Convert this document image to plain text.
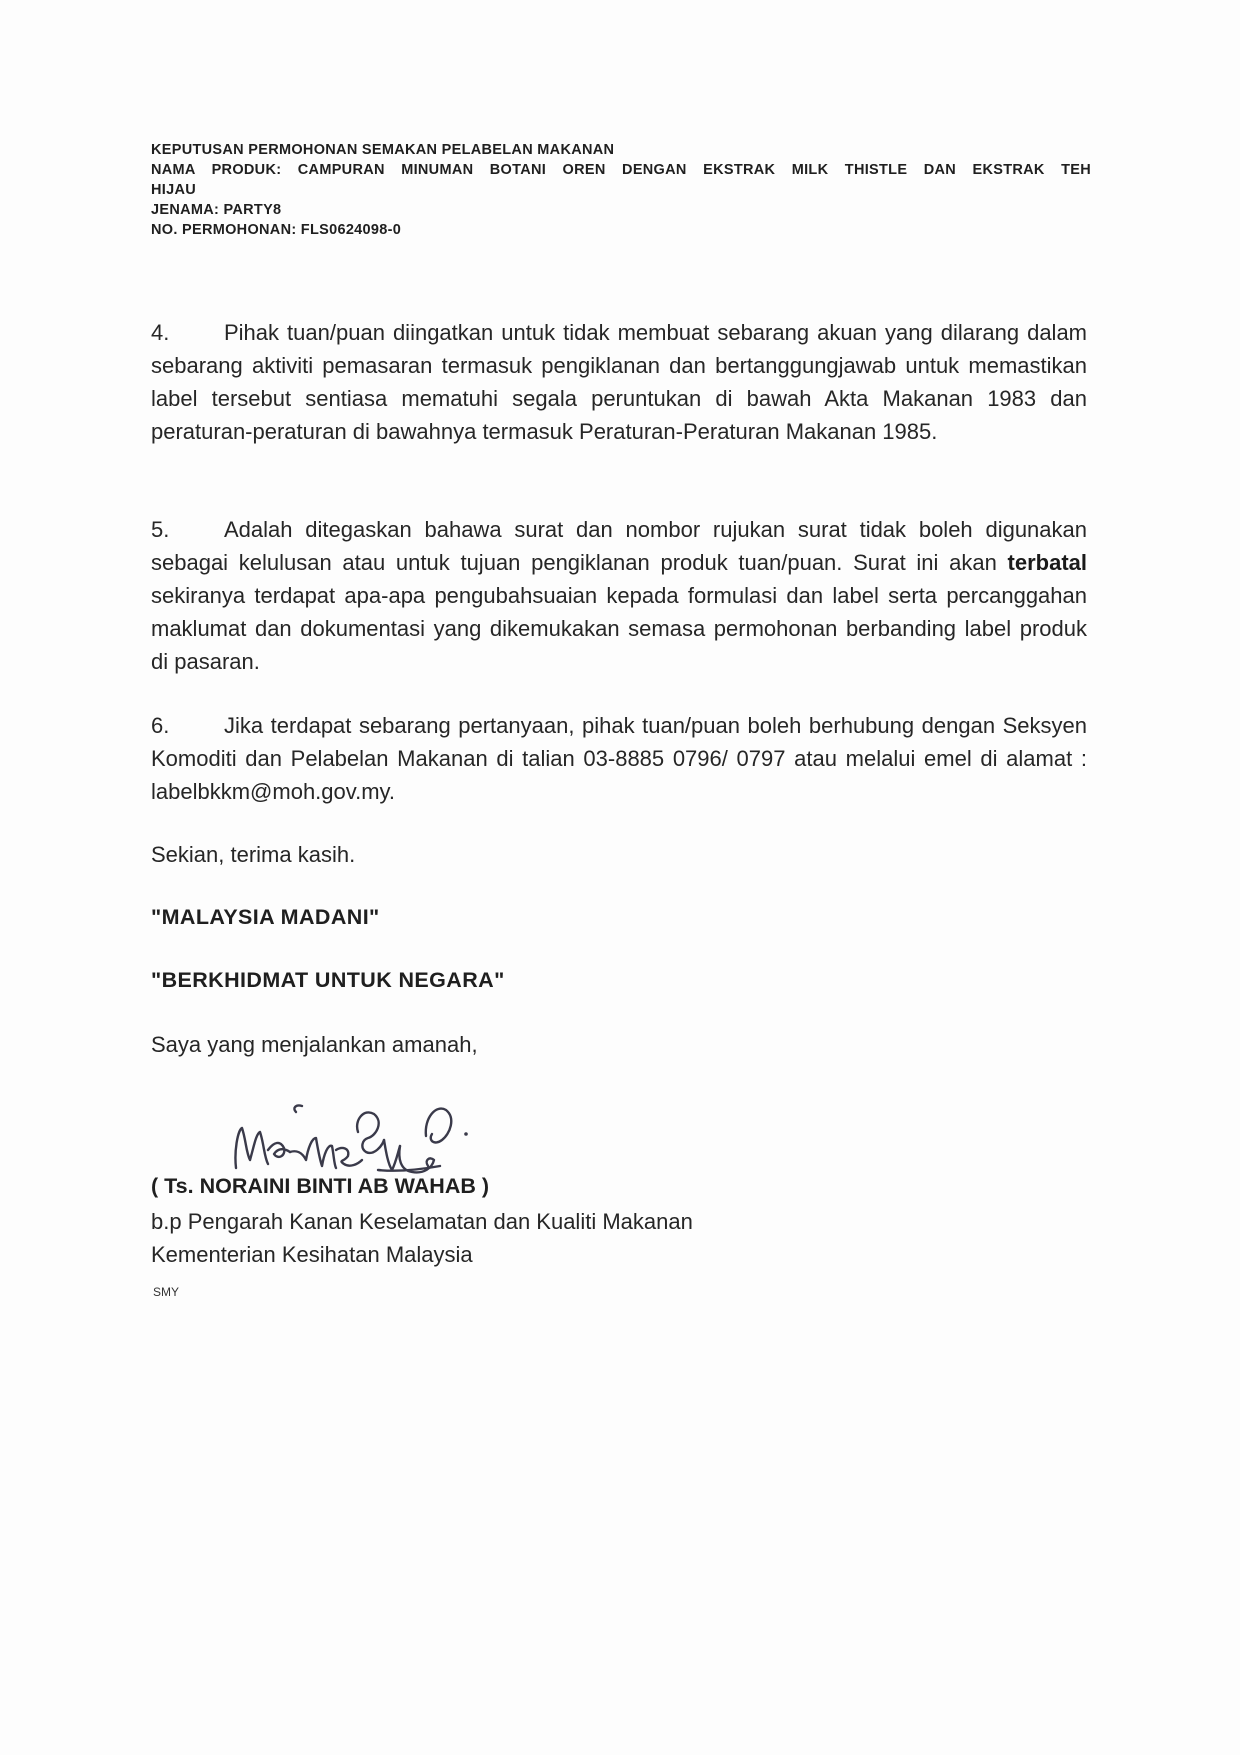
KEPUTUSAN PERMOHONAN SEMAKAN PELABELAN MAKANAN
NAMA PRODUK: CAMPURAN MINUMAN BOTANI OREN DENGAN EKSTRAK MILK THISTLE DAN EKSTRAK TEH
HIJAU
JENAMA: PARTY8
NO. PERMOHONAN: FLS0624098-0
4. Pihak tuan/puan diingatkan untuk tidak membuat sebarang akuan yang dilarang dalam sebarang aktiviti pemasaran termasuk pengiklanan dan bertanggungjawab untuk memastikan label tersebut sentiasa mematuhi segala peruntukan di bawah Akta Makanan 1983 dan peraturan-peraturan di bawahnya termasuk Peraturan-Peraturan Makanan 1985.
5. Adalah ditegaskan bahawa surat dan nombor rujukan surat tidak boleh digunakan sebagai kelulusan atau untuk tujuan pengiklanan produk tuan/puan. Surat ini akan terbatal sekiranya terdapat apa-apa pengubahsuaian kepada formulasi dan label serta percanggahan maklumat dan dokumentasi yang dikemukakan semasa permohonan berbanding label produk di pasaran.
6. Jika terdapat sebarang pertanyaan, pihak tuan/puan boleh berhubung dengan Seksyen Komoditi dan Pelabelan Makanan di talian 03-8885 0796/ 0797 atau melalui emel di alamat : labelbkkm@moh.gov.my.
Sekian, terima kasih.
"MALAYSIA MADANI"
"BERKHIDMAT UNTUK NEGARA"
Saya yang menjalankan amanah,
( Ts. NORAINI BINTI AB WAHAB )
b.p Pengarah Kanan Keselamatan dan Kualiti Makanan
Kementerian Kesihatan Malaysia
SMY
